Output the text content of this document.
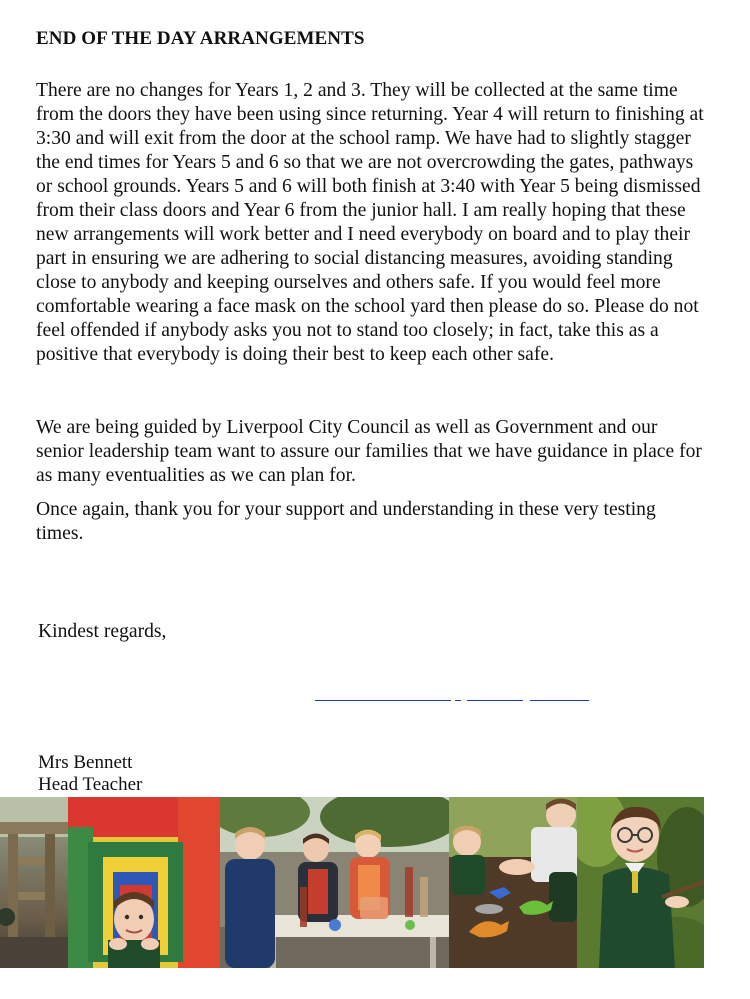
END OF THE DAY ARRANGEMENTS

There are no changes for Years 1, 2 and 3. They will be collected at the same time from the doors they have been using since returning. Year 4 will return to finishing at 3:30 and will exit from the door at the school ramp. We have had to slightly stagger the end times for Years 5 and 6 so that we are not overcrowding the gates, pathways or school grounds. Years 5 and 6 will both finish at 3:40 with Year 5 being dismissed from their class doors and Year 6 from the junior hall. I am really hoping that these new arrangements will work better and I need everybody on board and to play their part in ensuring we are adhering to social distancing measures, avoiding standing close to anybody and keeping ourselves and others safe. If you would feel more comfortable wearing a face mask on the school yard then please do so. Please do not feel offended if anybody asks you not to stand too closely; in fact, take this as a positive that everybody is doing their best to keep each other safe.

We are being guided by Liverpool City Council as well as Government and our senior leadership team want to assure our families that we have guidance in place for as many eventualities as we can plan for.

Once again, thank you for your support and understanding in these very testing times.

Kindest regards,

Mrs Bennett

Head Teacher
